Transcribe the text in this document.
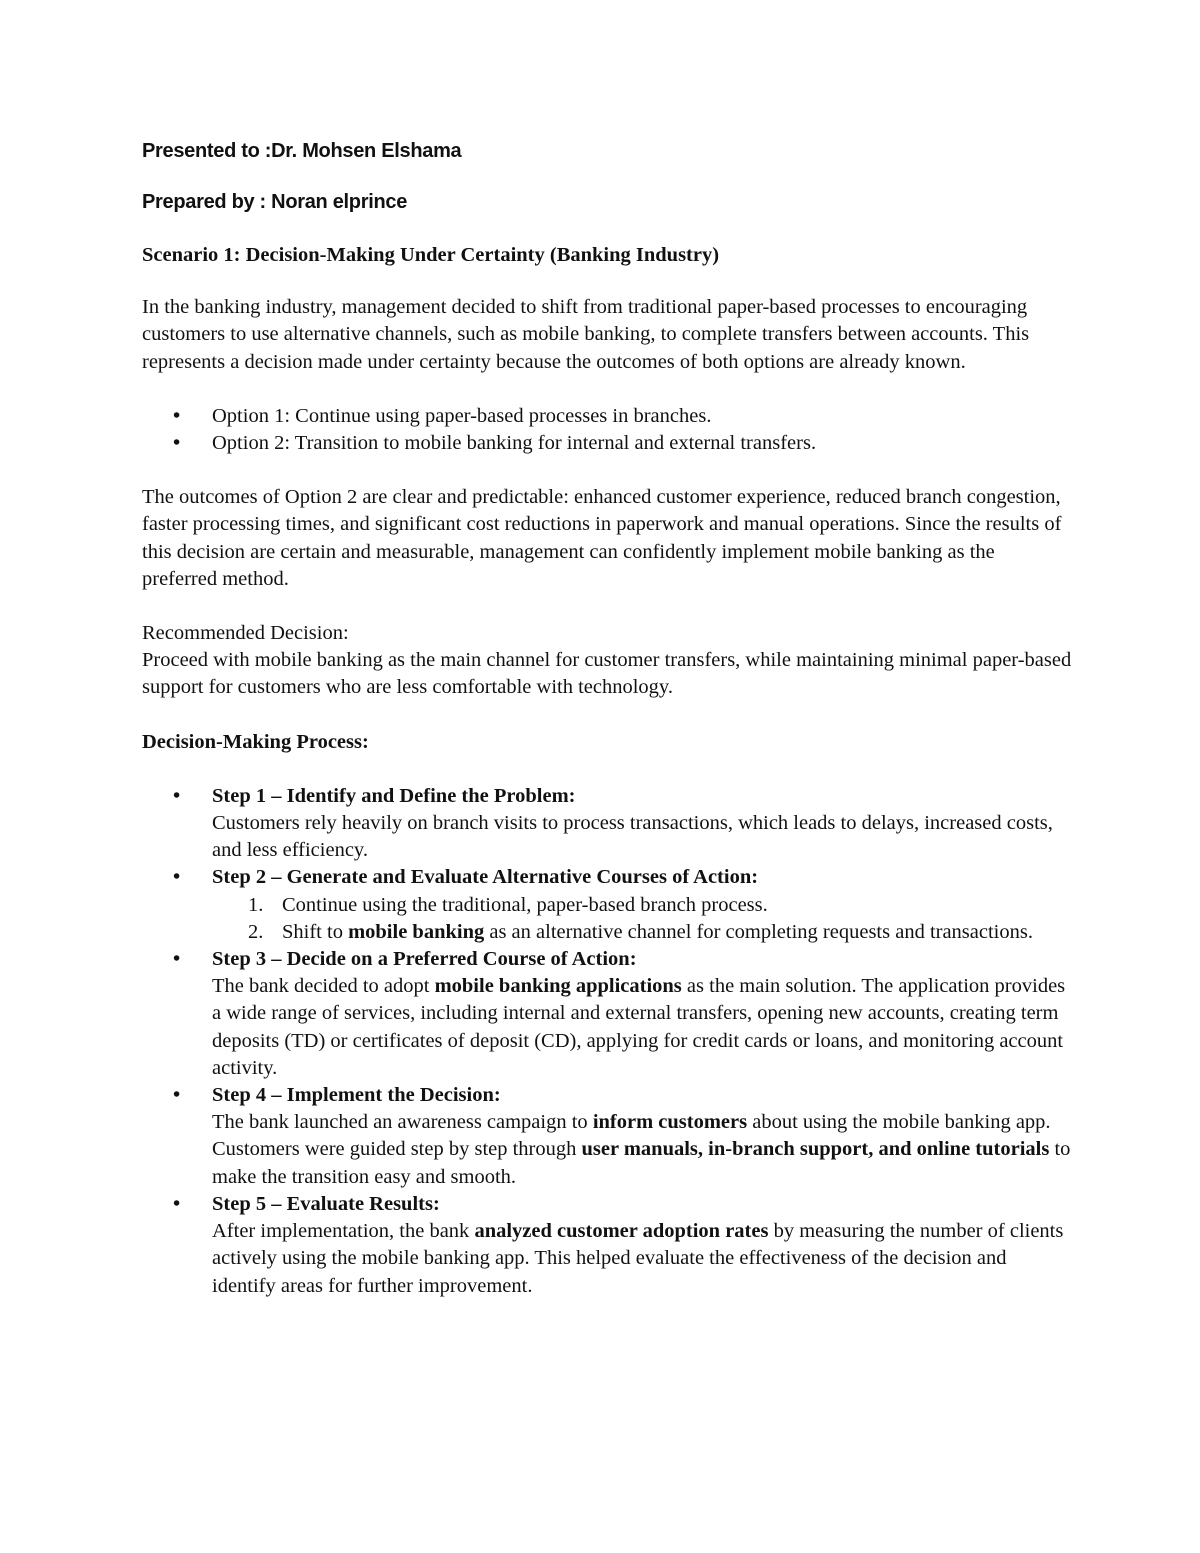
Presented to :Dr. Mohsen Elshama

Prepared by : Noran elprince

Scenario 1: Decision-Making Under Certainty (Banking Industry)

In the banking industry, management decided to shift from traditional paper-based processes to encouraging customers to use alternative channels, such as mobile banking, to complete transfers between accounts. This represents a decision made under certainty because the outcomes of both options are already known.

• Option 1: Continue using paper-based processes in branches.
• Option 2: Transition to mobile banking for internal and external transfers.

The outcomes of Option 2 are clear and predictable: enhanced customer experience, reduced branch congestion, faster processing times, and significant cost reductions in paperwork and manual operations. Since the results of this decision are certain and measurable, management can confidently implement mobile banking as the preferred method.

Recommended Decision:

Proceed with mobile banking as the main channel for customer transfers, while maintaining minimal paper-based support for customers who are less comfortable with technology.

Decision-Making Process:

• Step 1 – Identify and Define the Problem:
Customers rely heavily on branch visits to process transactions, which leads to delays, increased costs, and less efficiency.
• Step 2 – Generate and Evaluate Alternative Courses of Action:
1. Continue using the traditional, paper-based branch process.
2. Shift to mobile banking as an alternative channel for completing requests and transactions.
• Step 3 – Decide on a Preferred Course of Action:
The bank decided to adopt mobile banking applications as the main solution. The application provides a wide range of services, including internal and external transfers, opening new accounts, creating term deposits (TD) or certificates of deposit (CD), applying for credit cards or loans, and monitoring account activity.
• Step 4 – Implement the Decision:
The bank launched an awareness campaign to inform customers about using the mobile banking app. Customers were guided step by step through user manuals, in-branch support, and online tutorials to make the transition easy and smooth.
• Step 5 – Evaluate Results:
After implementation, the bank analyzed customer adoption rates by measuring the number of clients actively using the mobile banking app. This helped evaluate the effectiveness of the decision and identify areas for further improvement.
